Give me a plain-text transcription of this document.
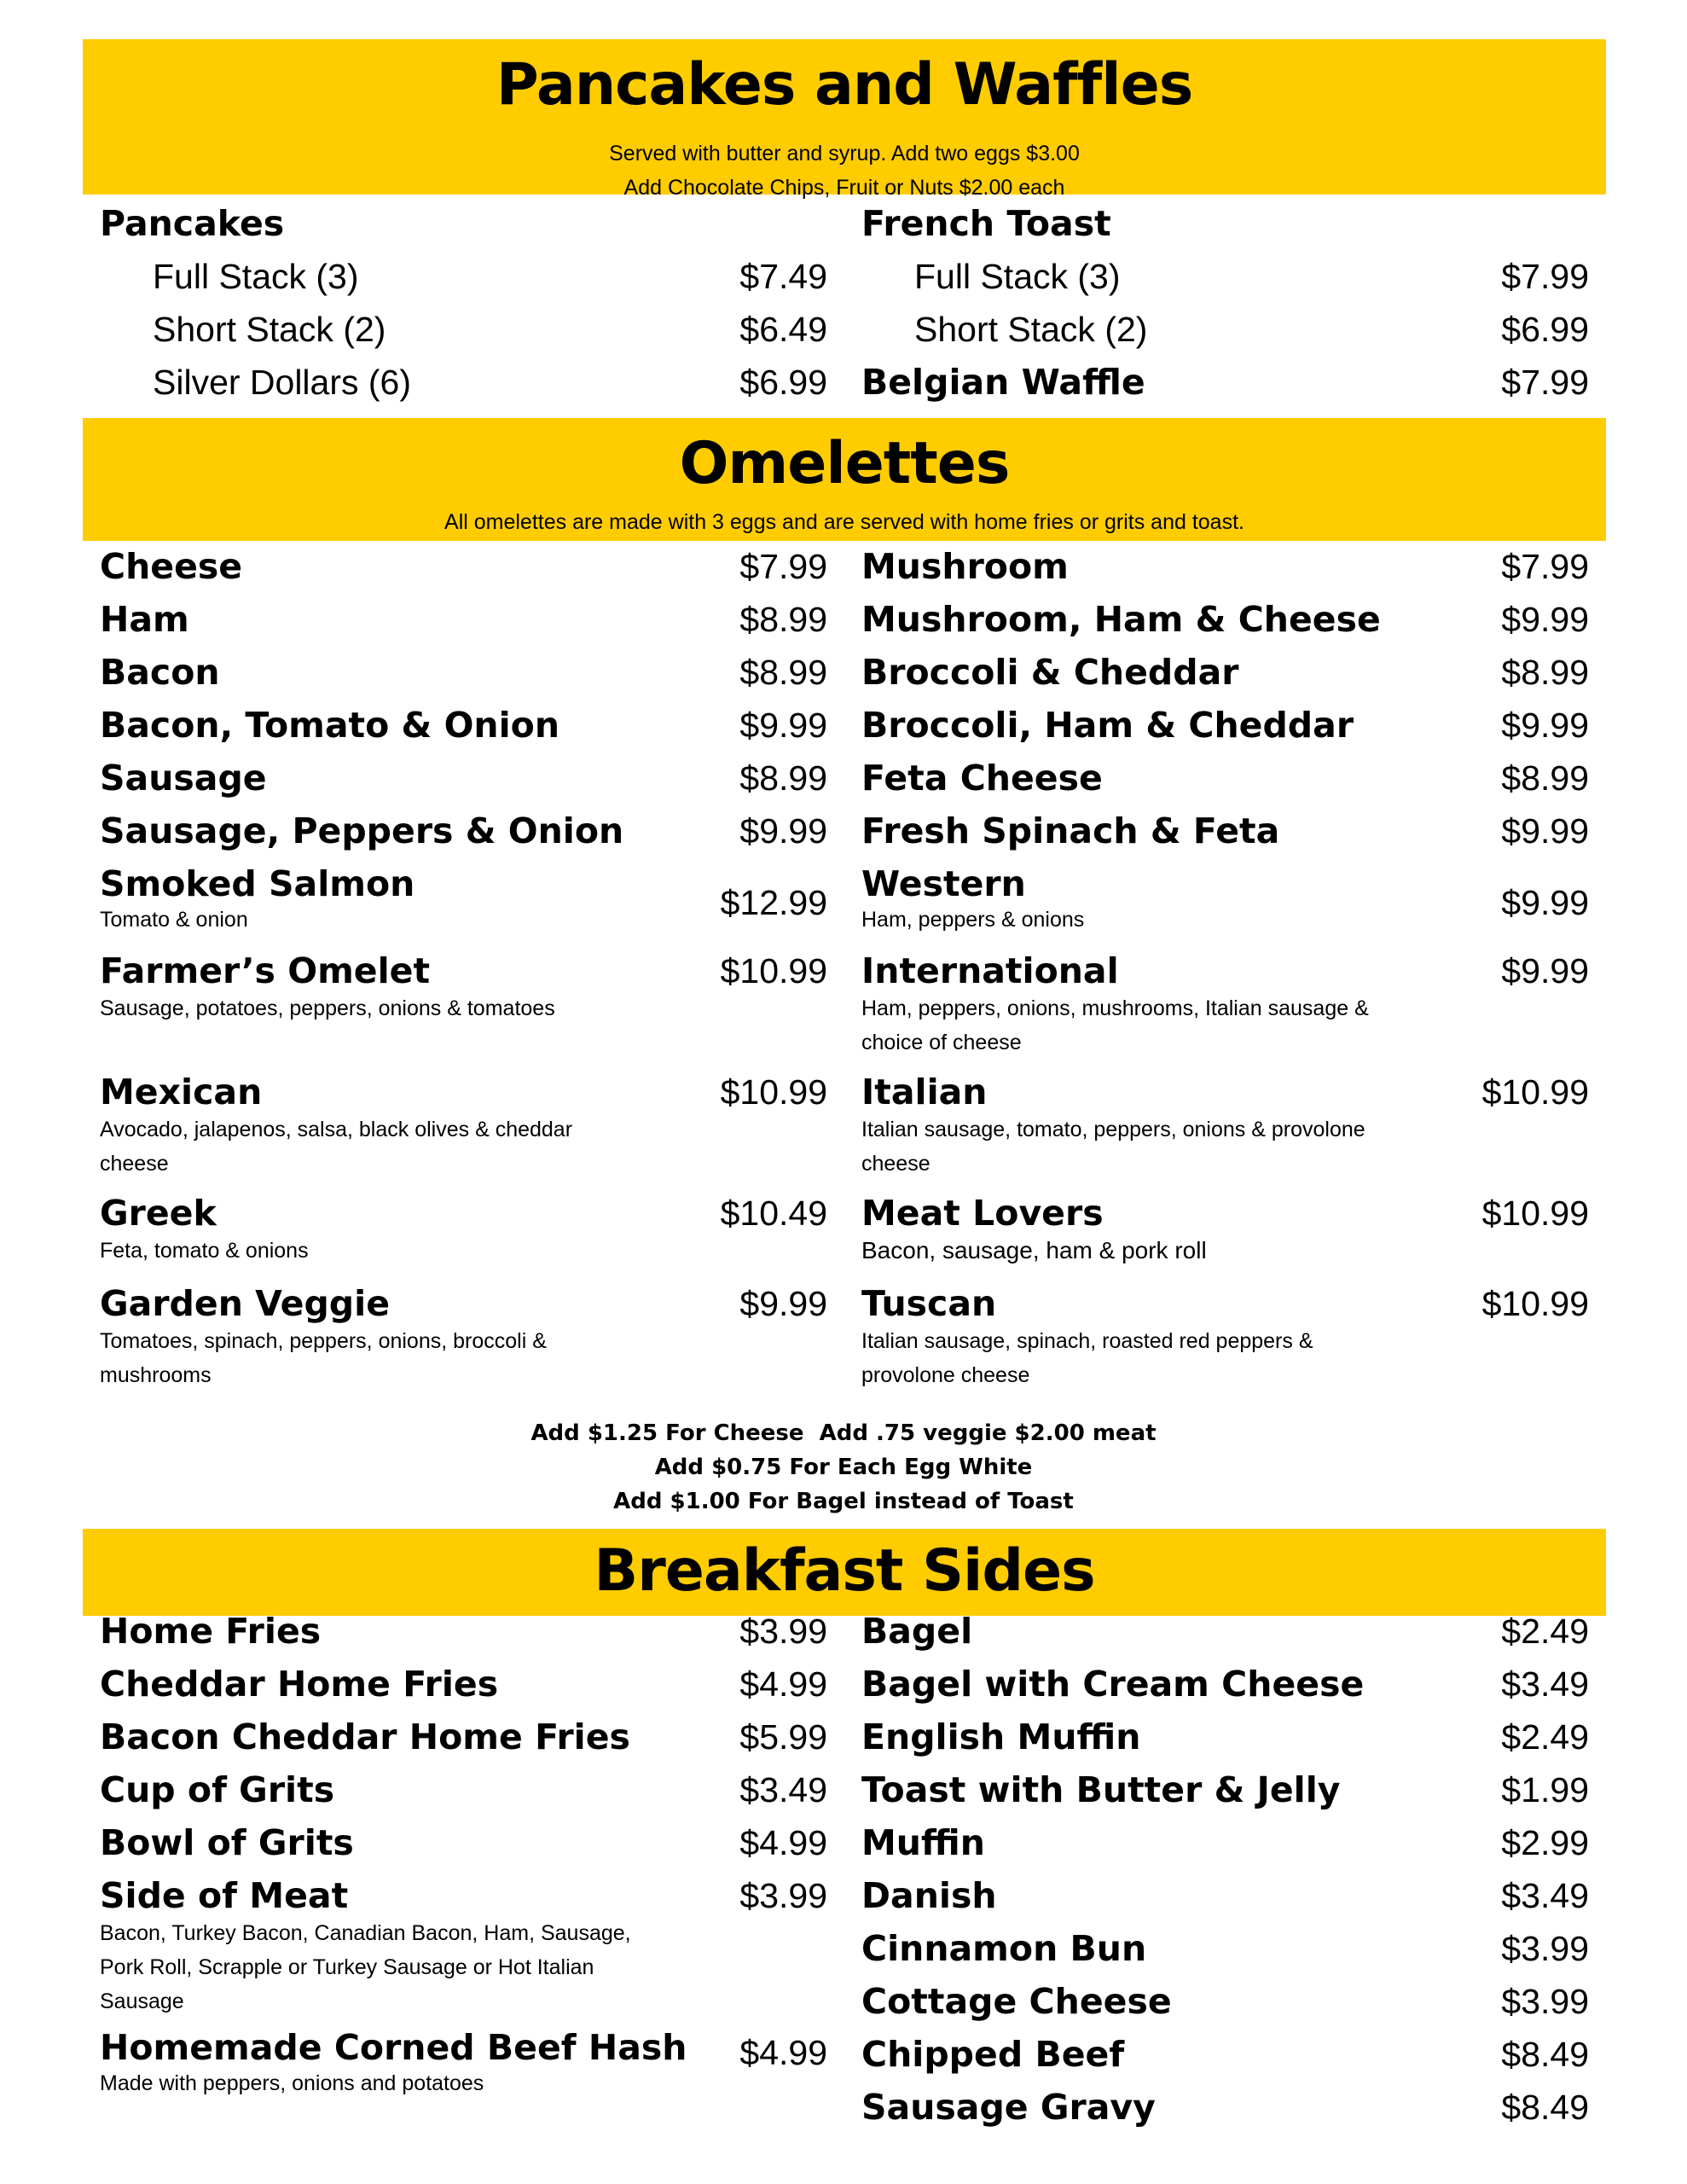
Pancakes and Waffles

Served with butter and syrup. Add two eggs $3.00

Add Chocolate Chips, Fruit or Nuts $2.00 each

Pancakes
Full Stack (3)	$7.49
Short Stack (2)	$6.49
Silver Dollars (6)	$6.99
French Toast
Full Stack (3)	$7.99
Short Stack (2)	$6.99
Belgian Waffle	$7.99
Omelettes

All omelettes are made with 3 eggs and are served with home fries or grits and toast.

Cheese	$7.99
Ham	$8.99
Bacon	$8.99
Bacon, Tomato & Onion	$9.99
Sausage	$8.99
Sausage, Peppers & Onion	$9.99
Smoked Salmon	$12.99
Tomato & onion
Farmer’s Omelet	$10.99
Sausage, potatoes, peppers, onions & tomatoes
Mexican	$10.99
Avocado, jalapenos, salsa, black olives & cheddar cheese
Greek	$10.49
Feta, tomato & onions
Garden Veggie	$9.99
Tomatoes, spinach, peppers, onions, broccoli & mushrooms
Mushroom	$7.99
Mushroom, Ham & Cheese	$9.99
Broccoli & Cheddar	$8.99
Broccoli, Ham & Cheddar	$9.99
Feta Cheese	$8.99
Fresh Spinach & Feta	$9.99
Western	$9.99
Ham, peppers & onions
International	$9.99
Ham, peppers, onions, mushrooms, Italian sausage & choice of cheese
Italian	$10.99
Italian sausage, tomato, peppers, onions & provolone cheese
Meat Lovers	$10.99
Bacon, sausage, ham & pork roll
Tuscan	$10.99
Italian sausage, spinach, roasted red peppers & provolone cheese
Add $1.25 For Cheese  Add .75 veggie $2.00 meat
Add $0.75 For Each Egg White
Add $1.00 For Bagel instead of Toast
Breakfast Sides
Home Fries	$3.99
Cheddar Home Fries	$4.99
Bacon Cheddar Home Fries	$5.99
Cup of Grits	$3.49
Bowl of Grits	$4.99
Side of Meat	$3.99
Bacon, Turkey Bacon, Canadian Bacon, Ham, Sausage, Pork Roll, Scrapple or Turkey Sausage or Hot Italian Sausage
Homemade Corned Beef Hash $4.99
Made with peppers, onions and potatoes
Bagel	$2.49
Bagel with Cream Cheese	$3.49
English Muffin	$2.49
Toast with Butter & Jelly	$1.99
Muffin	$2.99
Danish	$3.49
Cinnamon Bun	$3.99
Cottage Cheese	$3.99
Chipped Beef	$8.49
Sausage Gravy	$8.49
